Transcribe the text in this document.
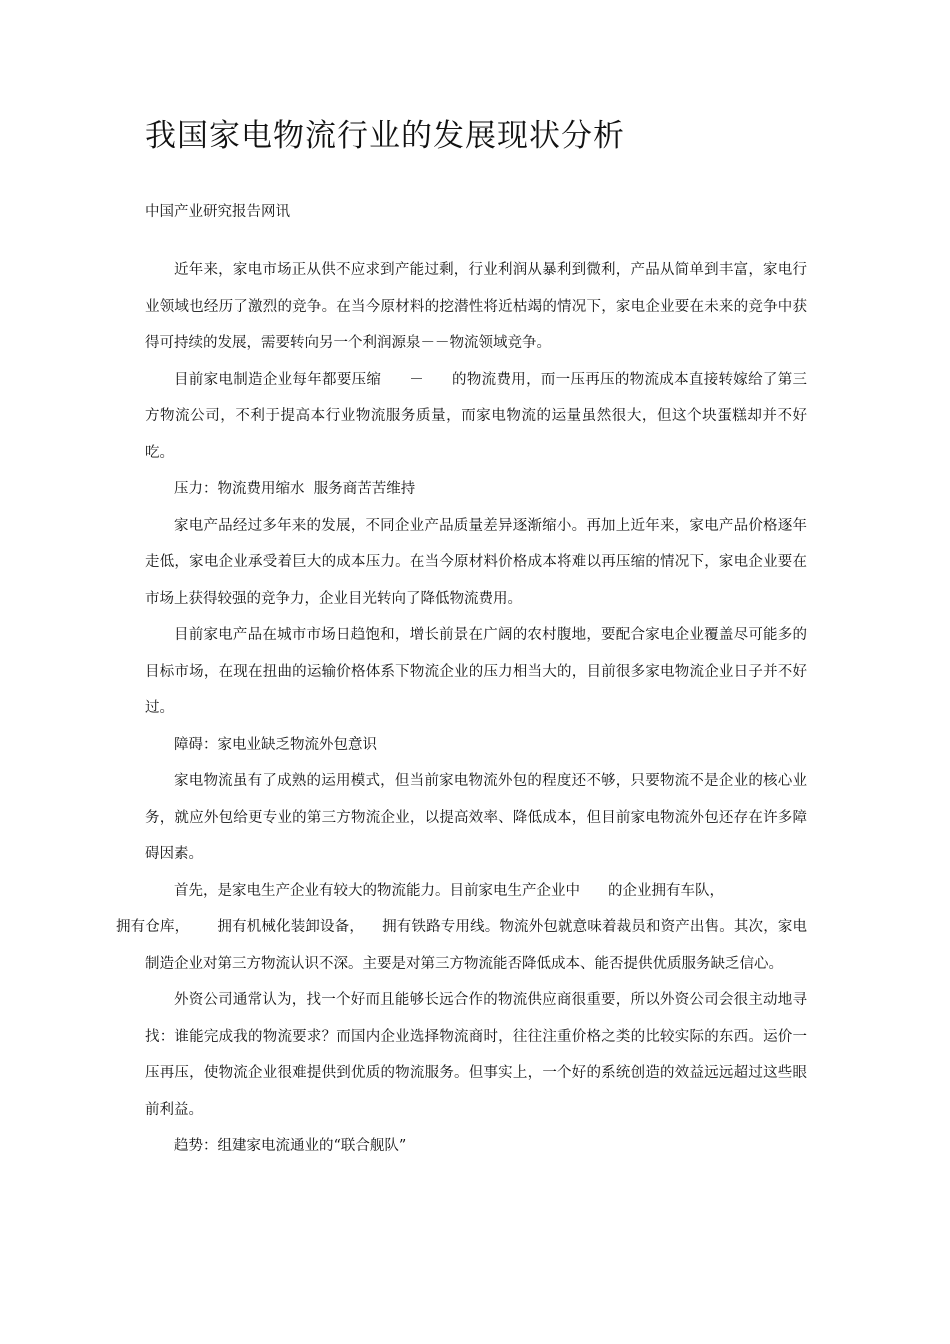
我国家电物流行业的发展现状分析

中国产业研究报告网讯

近年来，家电市场正从供不应求到产能过剩，行业利润从暴利到微利，产品从简单到丰富，家电行业领域也经历了激烈的竞争。在当今原材料的挖潜性将近枯竭的情况下，家电企业要在未来的竞争中获得可持续的发展，需要转向另一个利润源泉－－物流领域竞争。

目前家电制造企业每年都要压缩 － 的物流费用，而一压再压的物流成本直接转嫁给了第三方物流公司，不利于提高本行业物流服务质量，而家电物流的运量虽然很大，但这个块蛋糕却并不好吃。

压力：物流费用缩水  服务商苦苦维持

家电产品经过多年来的发展，不同企业产品质量差异逐渐缩小。再加上近年来，家电产品价格逐年走低，家电企业承受着巨大的成本压力。在当今原材料价格成本将难以再压缩的情况下，家电企业要在市场上获得较强的竞争力，企业目光转向了降低物流费用。

目前家电产品在城市市场日趋饱和，增长前景在广阔的农村腹地，要配合家电企业覆盖尽可能多的目标市场，在现在扭曲的运输价格体系下物流企业的压力相当大的，目前很多家电物流企业日子并不好过。

障碍：家电业缺乏物流外包意识

家电物流虽有了成熟的运用模式，但当前家电物流外包的程度还不够，只要物流不是企业的核心业务，就应外包给更专业的第三方物流企业，以提高效率、降低成本，但目前家电物流外包还存在许多障碍因素。

首先，是家电生产企业有较大的物流能力。目前家电生产企业中 的企业拥有车队，
拥有仓库， 拥有机械化装卸设备， 拥有铁路专用线。物流外包就意味着裁员和资产出售。其次，家电制造企业对第三方物流认识不深。主要是对第三方物流能否降低成本、能否提供优质服务缺乏信心。

外资公司通常认为，找一个好而且能够长远合作的物流供应商很重要，所以外资公司会很主动地寻找：谁能完成我的物流要求？而国内企业选择物流商时，往往注重价格之类的比较实际的东西。运价一压再压，使物流企业很难提供到优质的物流服务。但事实上，一个好的系统创造的效益远远超过这些眼前利益。

趋势：组建家电流通业的“联合舰队”
